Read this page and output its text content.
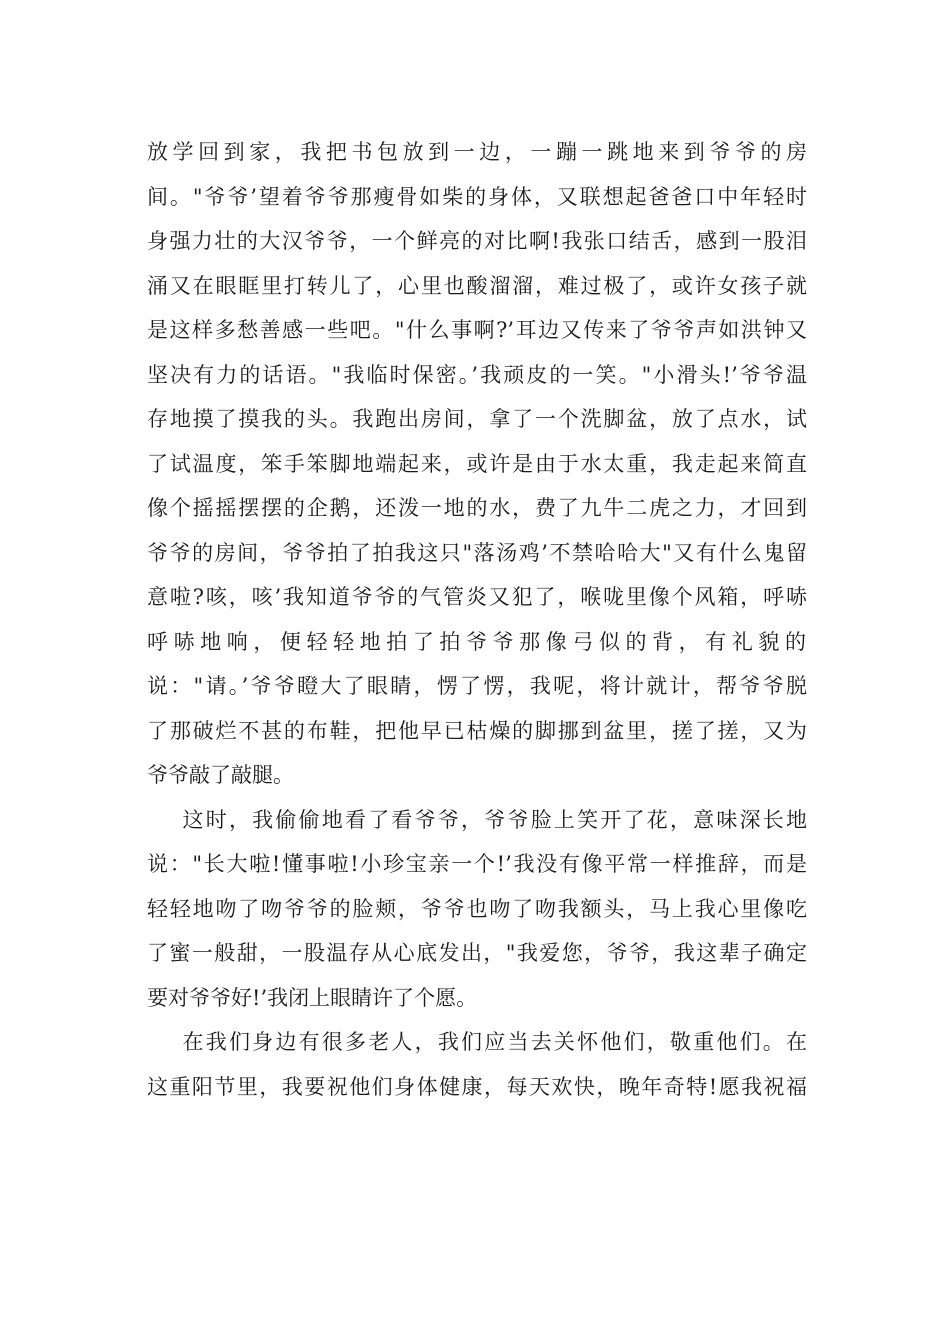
放学回到家，我把书包放到一边，一蹦一跳地来到爷爷的房
间。"爷爷’望着爷爷那瘦骨如柴的身体，又联想起爸爸口中年轻时
身强力壮的大汉爷爷，一个鲜亮的对比啊!我张口结舌，感到一股泪
涌又在眼眶里打转儿了，心里也酸溜溜，难过极了，或许女孩子就
是这样多愁善感一些吧。"什么事啊?’耳边又传来了爷爷声如洪钟又
坚决有力的话语。"我临时保密。’我顽皮的一笑。"小滑头!’爷爷温
存地摸了摸我的头。我跑出房间，拿了一个洗脚盆，放了点水，试
了试温度，笨手笨脚地端起来，或许是由于水太重，我走起来简直
像个摇摇摆摆的企鹅，还泼一地的水，费了九牛二虎之力，才回到
爷爷的房间，爷爷拍了拍我这只"落汤鸡’不禁哈哈大"又有什么鬼留
意啦?咳，咳’我知道爷爷的气管炎又犯了，喉咙里像个风箱，呼哧
呼哧地响，便轻轻地拍了拍爷爷那像弓似的背，有礼貌的
说："请。’爷爷瞪大了眼睛，愣了愣，我呢，将计就计，帮爷爷脱
了那破烂不甚的布鞋，把他早已枯燥的脚挪到盆里，搓了搓，又为
爷爷敲了敲腿。
这时，我偷偷地看了看爷爷，爷爷脸上笑开了花，意味深长地
说："长大啦!懂事啦!小珍宝亲一个!’我没有像平常一样推辞，而是
轻轻地吻了吻爷爷的脸颊，爷爷也吻了吻我额头，马上我心里像吃
了蜜一般甜，一股温存从心底发出，"我爱您，爷爷，我这辈子确定
要对爷爷好!’我闭上眼睛许了个愿。
在我们身边有很多老人，我们应当去关怀他们，敬重他们。在
这重阳节里，我要祝他们身体健康，每天欢快，晚年奇特!愿我祝福
